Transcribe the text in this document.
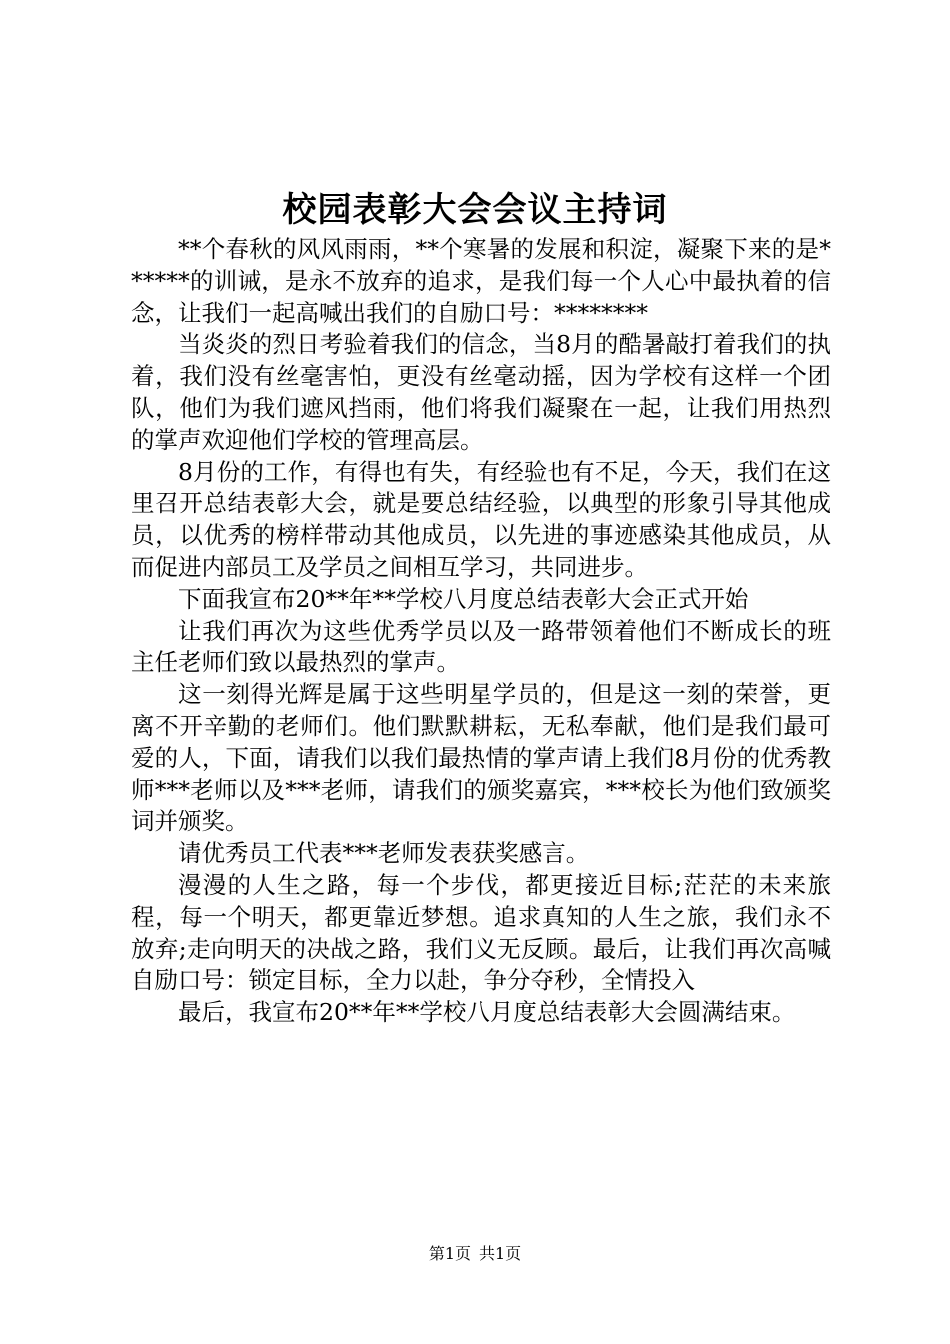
校园表彰大会会议主持词

**个春秋的风风雨雨，**个寒暑的发展和积淀，凝聚下来的是******的训诫，是永不放弃的追求，是我们每一个人心中最执着的信念，让我们一起高喊出我们的自励口号：********

当炎炎的烈日考验着我们的信念，当8月的酷暑敲打着我们的执着，我们没有丝毫害怕，更没有丝毫动摇，因为学校有这样一个团队，他们为我们遮风挡雨，他们将我们凝聚在一起，让我们用热烈的掌声欢迎他们学校的管理高层。

8月份的工作，有得也有失，有经验也有不足，今天，我们在这里召开总结表彰大会，就是要总结经验，以典型的形象引导其他成员，以优秀的榜样带动其他成员，以先进的事迹感染其他成员，从而促进内部员工及学员之间相互学习，共同进步。

下面我宣布20**年**学校八月度总结表彰大会正式开始

让我们再次为这些优秀学员以及一路带领着他们不断成长的班主任老师们致以最热烈的掌声。

这一刻得光辉是属于这些明星学员的，但是这一刻的荣誉，更离不开辛勤的老师们。他们默默耕耘，无私奉献，他们是我们最可爱的人，下面，请我们以我们最热情的掌声请上我们8月份的优秀教师***老师以及***老师，请我们的颁奖嘉宾，***校长为他们致颁奖词并颁奖。

请优秀员工代表***老师发表获奖感言。

漫漫的人生之路，每一个步伐，都更接近目标;茫茫的未来旅程，每一个明天，都更靠近梦想。追求真知的人生之旅，我们永不放弃;走向明天的决战之路，我们义无反顾。最后，让我们再次高喊自励口号：锁定目标，全力以赴，争分夺秒，全情投入

最后，我宣布20**年**学校八月度总结表彰大会圆满结束。

第1页 共1页
